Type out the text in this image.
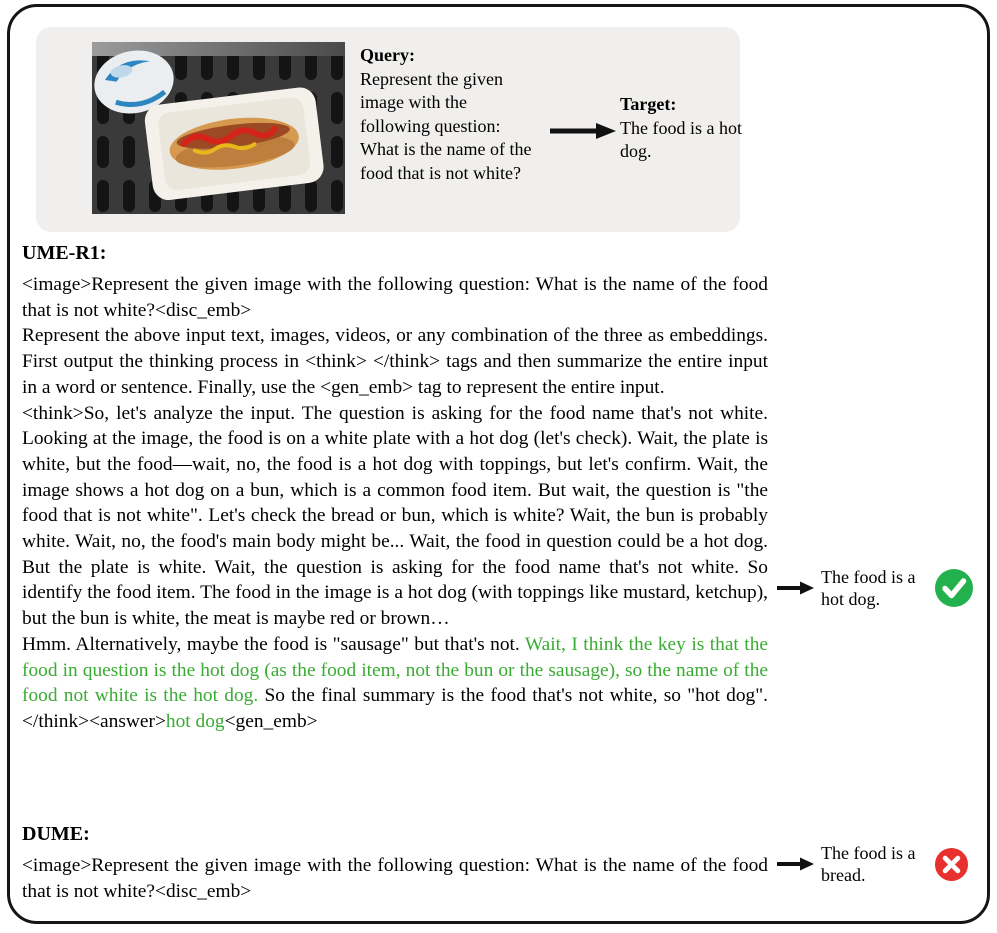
Query:
Represent the given image with the following question: What is the name of the food that is not white?
Target:
The food is a hot dog.
UME-R1:
<image>Represent the given image with the following question: What is the name of the food that is not white?<disc_emb>
Represent the above input text, images, videos, or any combination of the three as embeddings. First output the thinking process in <think> </think> tags and then summarize the entire input in a word or sentence. Finally, use the <gen_emb> tag to represent the entire input.
<think>So, let's analyze the input. The question is asking for the food name that's not white. Looking at the image, the food is on a white plate with a hot dog (let's check). Wait, the plate is white, but the food—wait, no, the food is a hot dog with toppings, but let's confirm. Wait, the image shows a hot dog on a bun, which is a common food item. But wait, the question is "the food that is not white". Let's check the bread or bun, which is white? Wait, the bun is probably white. Wait, no, the food's main body might be... Wait, the food in question could be a hot dog. But the plate is white. Wait, the question is asking for the food name that's not white. So identify the food item. The food in the image is a hot dog (with toppings like mustard, ketchup), but the bun is white, the meat is maybe red or brown…
Hmm. Alternatively, maybe the food is "sausage" but that's not. Wait, I think the key is that the food in question is the hot dog (as the food item, not the bun or the sausage), so the name of the food not white is the hot dog. So the final summary is the food that's not white, so "hot dog".</think><answer>hot dog<gen_emb>
The food is a hot dog.
DUME:
<image>Represent the given image with the following question: What is the name of the food that is not white?<disc_emb>
The food is a bread.
